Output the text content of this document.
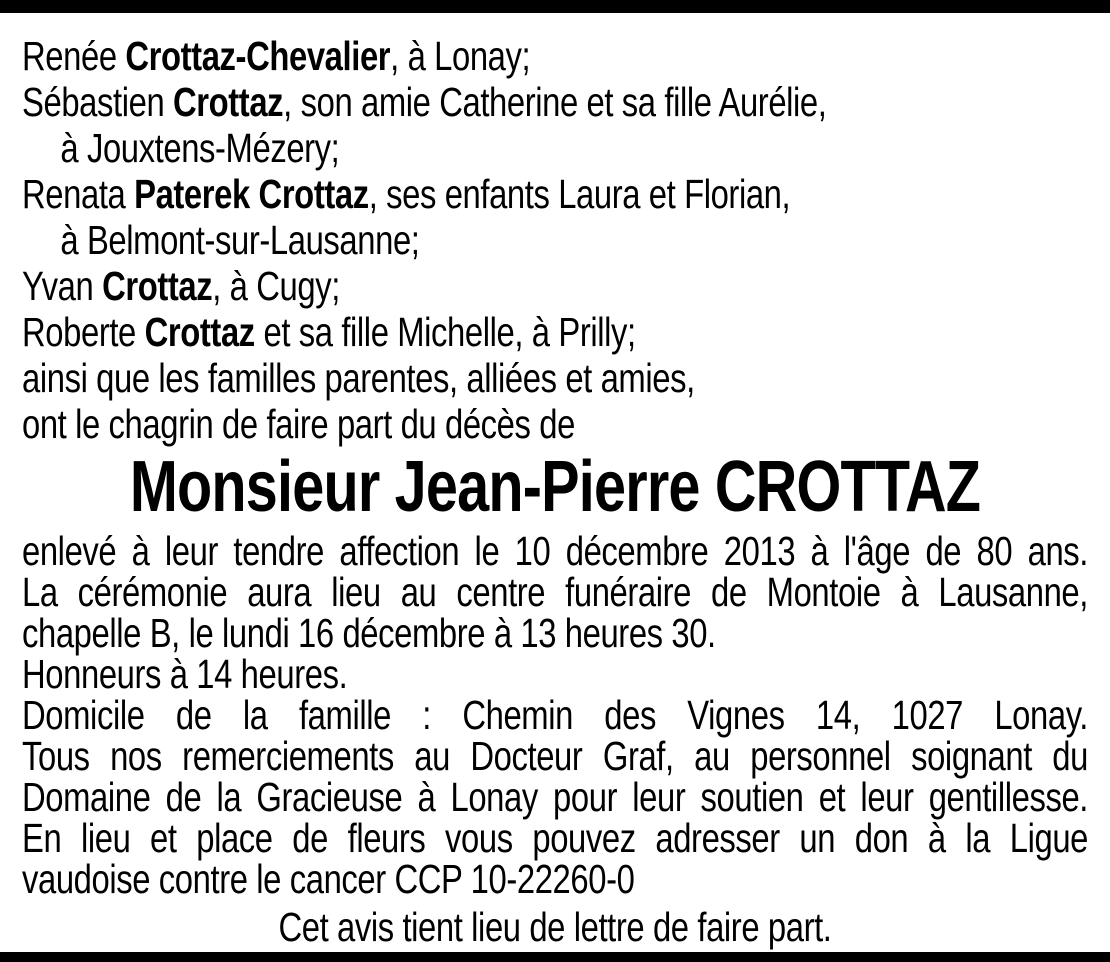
Renée Crottaz-Chevalier, à Lonay;
Sébastien Crottaz, son amie Catherine et sa fille Aurélie,
à Jouxtens-Mézery;
Renata Paterek Crottaz, ses enfants Laura et Florian,
à Belmont-sur-Lausanne;
Yvan Crottaz, à Cugy;
Roberte Crottaz et sa fille Michelle, à Prilly;
ainsi que les familles parentes, alliées et amies,
ont le chagrin de faire part du décès de
Monsieur Jean-Pierre CROTTAZ
enlevé à leur tendre affection le 10 décembre 2013 à l'âge de 80 ans.
La cérémonie aura lieu au centre funéraire de Montoie à Lausanne,
chapelle B, le lundi 16 décembre à 13 heures 30.
Honneurs à 14 heures.
Domicile de la famille : Chemin des Vignes 14, 1027 Lonay.
Tous nos remerciements au Docteur Graf, au personnel soignant du
Domaine de la Gracieuse à Lonay pour leur soutien et leur gentillesse.
En lieu et place de fleurs vous pouvez adresser un don à la Ligue
vaudoise contre le cancer CCP 10-22260-0
Cet avis tient lieu de lettre de faire part.
